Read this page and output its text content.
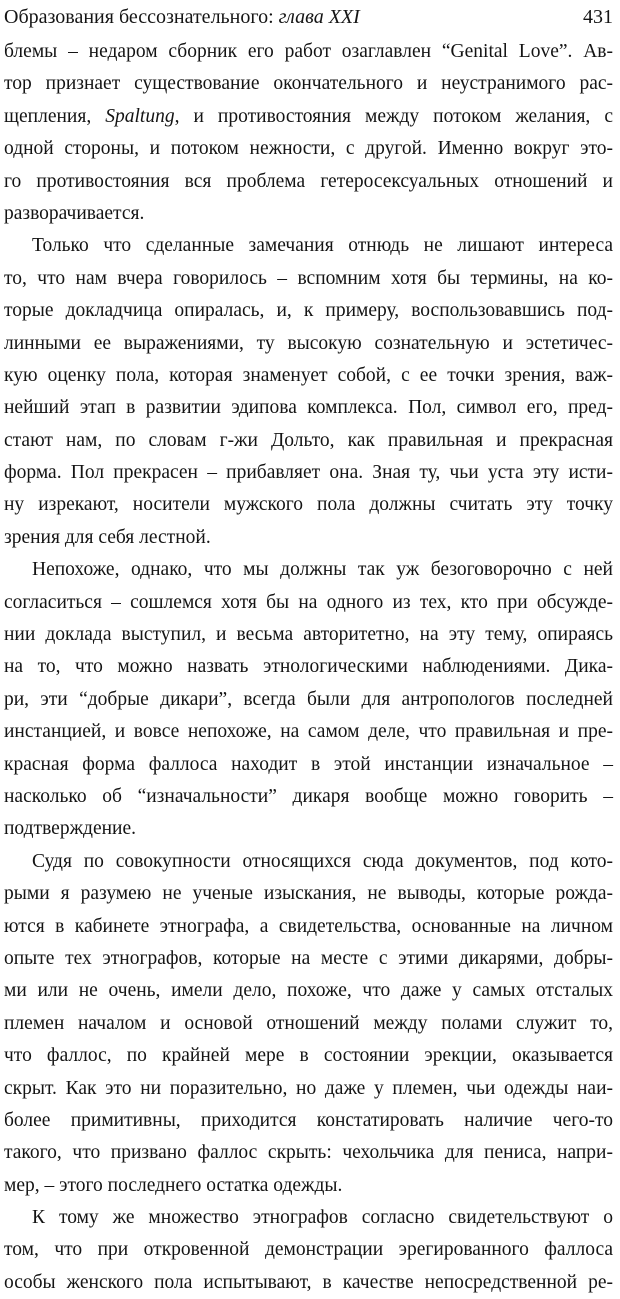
Образования бессознательного: глава XXI	431
блемы – недаром сборник его работ озаглавлен “Genital Love”. Ав-
тор признает существование окончательного и неустранимого рас-
щепления, Spaltung, и противостояния между потоком желания, с
одной стороны, и потоком нежности, с другой. Именно вокруг это-
го противостояния вся проблема гетеросексуальных отношений и
разворачивается.
Только что сделанные замечания отнюдь не лишают интереса
то, что нам вчера говорилось – вспомним хотя бы термины, на ко-
торые докладчица опиралась, и, к примеру, воспользовавшись под-
линными ее выражениями, ту высокую сознательную и эстетичес-
кую оценку пола, которая знаменует собой, с ее точки зрения, важ-
нейший этап в развитии эдипова комплекса. Пол, символ его, пред-
стают нам, по словам г-жи Дольто, как правильная и прекрасная
форма. Пол прекрасен – прибавляет она. Зная ту, чьи уста эту исти-
ну изрекают, носители мужского пола должны считать эту точку
зрения для себя лестной.
Непохоже, однако, что мы должны так уж безоговорочно с ней
согласиться – сошлемся хотя бы на одного из тех, кто при обсужде-
нии доклада выступил, и весьма авторитетно, на эту тему, опираясь
на то, что можно назвать этнологическими наблюдениями. Дика-
ри, эти “добрые дикари”, всегда были для антропологов последней
инстанцией, и вовсе непохоже, на самом деле, что правильная и пре-
красная форма фаллоса находит в этой инстанции изначальное –
насколько об “изначальности” дикаря вообще можно говорить –
подтверждение.
Судя по совокупности относящихся сюда документов, под кото-
рыми я разумею не ученые изыскания, не выводы, которые рожда-
ются в кабинете этнографа, а свидетельства, основанные на личном
опыте тех этнографов, которые на месте с этими дикарями, добры-
ми или не очень, имели дело, похоже, что даже у самых отсталых
племен началом и основой отношений между полами служит то,
что фаллос, по крайней мере в состоянии эрекции, оказывается
скрыт. Как это ни поразительно, но даже у племен, чьи одежды наи-
более примитивны, приходится констатировать наличие чего-то
такого, что призвано фаллос скрыть: чехольчика для пениса, напри-
мер, – этого последнего остатка одежды.
К тому же множество этнографов согласно свидетельствуют о
том, что при откровенной демонстрации эрегированного фаллоса
особы женского пола испытывают, в качестве непосредственной ре-
